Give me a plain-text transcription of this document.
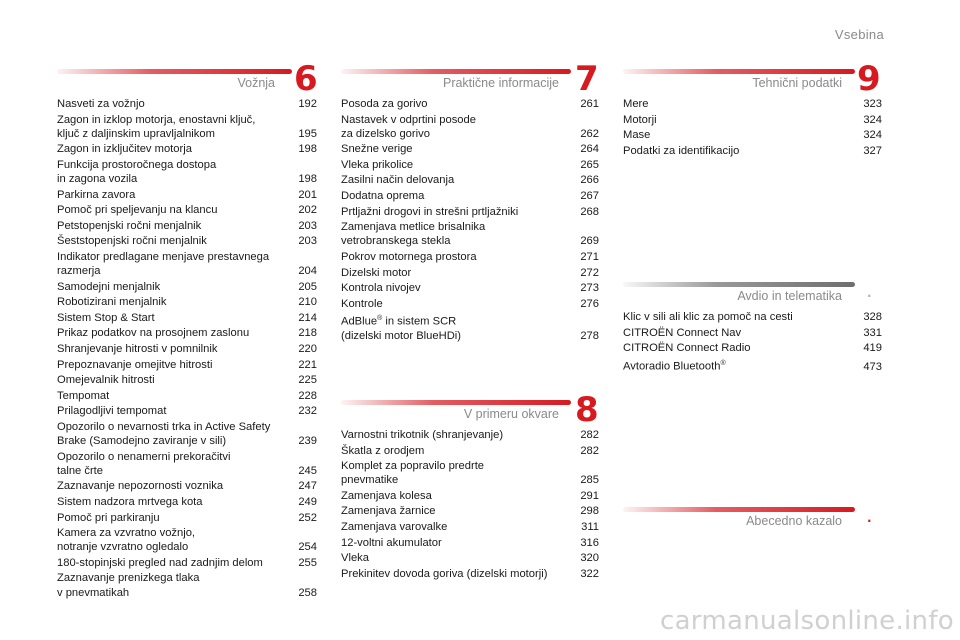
Vsebina
Vožnja 6
Nasveti za vožnjo	192
Zagon in izklop motorja, enostavni ključ,
ključ z daljinskim upravljalnikom	195
Zagon in izključitev motorja	198
Funkcija prostoročnega dostopa
in zagona vozila	198
Parkirna zavora	201
Pomoč pri speljevanju na klancu	202
Petstopenjski ročni menjalnik	203
Šeststopenjski ročni menjalnik	203
Indikator predlagane menjave prestavnega
razmerja	204
Samodejni menjalnik	205
Robotizirani menjalnik	210
Sistem Stop & Start	214
Prikaz podatkov na prosojnem zaslonu	218
Shranjevanje hitrosti v pomnilnik	220
Prepoznavanje omejitve hitrosti	221
Omejevalnik hitrosti	225
Tempomat	228
Prilagodljivi tempomat	232
Opozorilo o nevarnosti trka in Active Safety
Brake (Samodejno zaviranje v sili)	239
Opozorilo o nenamerni prekoračitvi
talne črte	245
Zaznavanje nepozornosti voznika	247
Sistem nadzora mrtvega kota	249
Pomoč pri parkiranju	252
Kamera za vzvratno vožnjo,
notranje vzvratno ogledalo	254
180-stopinjski pregled nad zadnjim delom	255
Zaznavanje prenizkega tlaka
v pnevmatikah	258
Praktične informacije 7
Posoda za gorivo	261
Nastavek v odprtini posode
za dizelsko gorivo	262
Snežne verige	264
Vleka prikolice	265
Zasilni način delovanja	266
Dodatna oprema	267
Prtljažni drogovi in strešni prtljažniki	268
Zamenjava metlice brisalnika
vetrobranskega stekla	269
Pokrov motornega prostora	271
Dizelski motor	272
Kontrola nivojev	273
Kontrole	276
AdBlue® in sistem SCR
(dizelski motor BlueHDi)	278
V primeru okvare 8
Varnostni trikotnik (shranjevanje)	282
Škatla z orodjem	282
Komplet za popravilo predrte
pnevmatike	285
Zamenjava kolesa	291
Zamenjava žarnice	298
Zamenjava varovalke	311
12-voltni akumulator	316
Vleka	320
Prekinitev dovoda goriva (dizelski motorji)	322
Tehnični podatki 9
Mere	323
Motorji	324
Mase	324
Podatki za identifikacijo	327
Avdio in telematika .
Klic v sili ali klic za pomoč na cesti	328
CITROËN Connect Nav	331
CITROËN Connect Radio	419
Avtoradio Bluetooth®	473
Abecedno kazalo .
carmanualsonline.info
